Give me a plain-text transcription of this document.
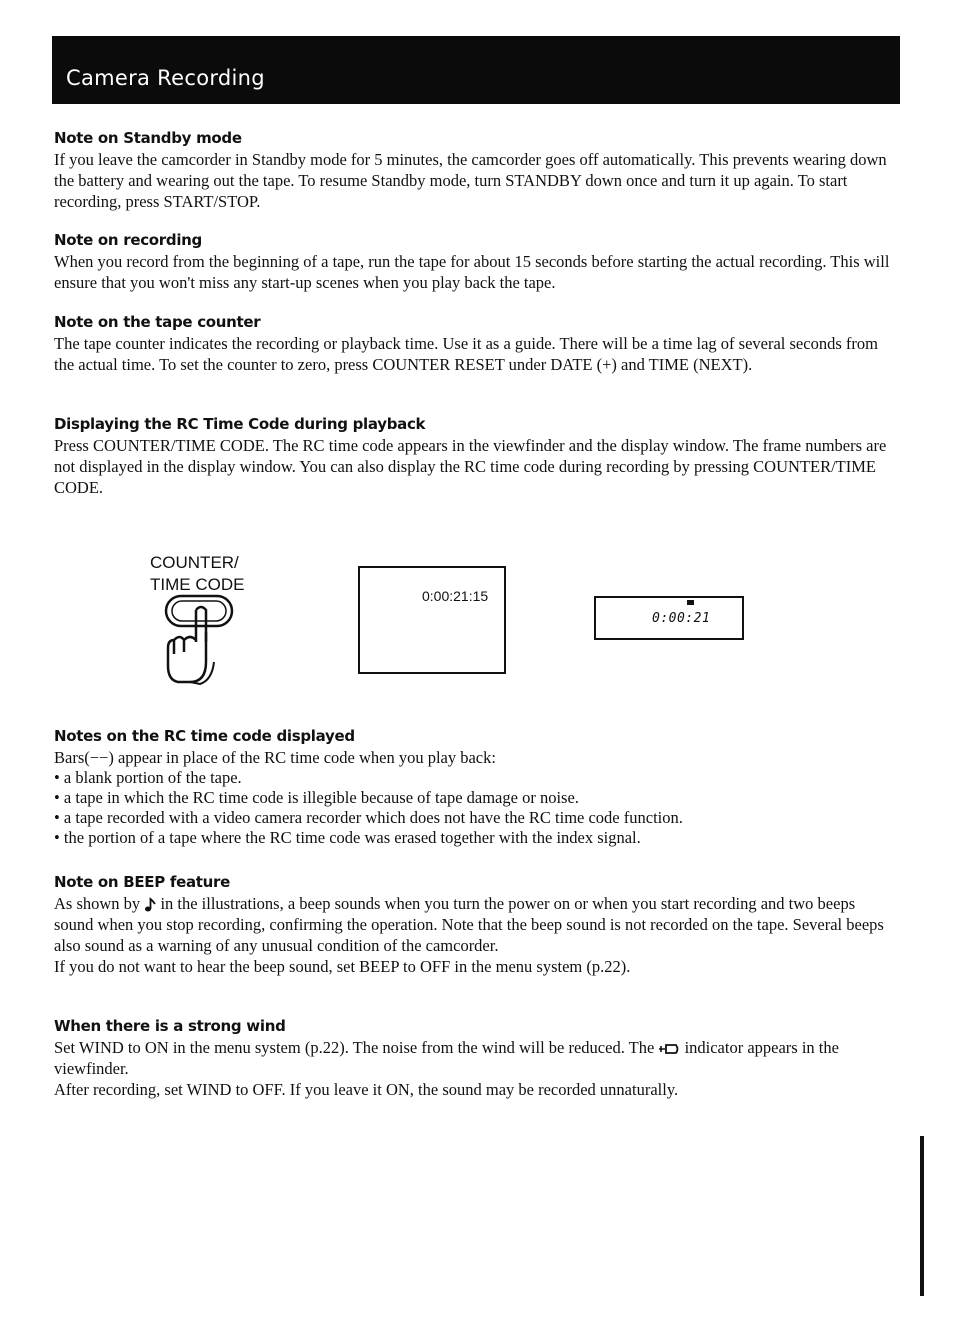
Camera Recording
Note on Standby mode
If you leave the camcorder in Standby mode for 5 minutes, the camcorder goes off automatically. This prevents wearing down the battery and wearing out the tape. To resume Standby mode, turn STANDBY down once and turn it up again. To start recording, press START/STOP.
Note on recording
When you record from the beginning of a tape, run the tape for about 15 seconds before starting the actual recording. This will ensure that you won't miss any start-up scenes when you play back the tape.
Note on the tape counter
The tape counter indicates the recording or playback time. Use it as a guide. There will be a time lag of several seconds from the actual time. To set the counter to zero, press COUNTER RESET under DATE (+) and TIME (NEXT).
Displaying the RC Time Code during playback
Press COUNTER/TIME CODE. The RC time code appears in the viewfinder and the display window. The frame numbers are not displayed in the display window. You can also display the RC time code during recording by pressing COUNTER/TIME CODE.
COUNTER/
TIME CODE
0:00:21:15
0:00:21
Notes on the RC time code displayed
Bars(−−) appear in place of the RC time code when you play back:
• a blank portion of the tape.
• a tape in which the RC time code is illegible because of tape damage or noise.
• a tape recorded with a video camera recorder which does not have the RC time code function.
• the portion of a tape where the RC time code was erased together with the index signal.
Note on BEEP feature
As shown by  in the illustrations, a beep sounds when you turn the power on or when you start recording and two beeps sound when you stop recording, confirming the operation. Note that the beep sound is not recorded on the tape. Several beeps also sound as a warning of any unusual condition of the camcorder.
If you do not want to hear the beep sound, set BEEP to OFF in the menu system (p.22).
When there is a strong wind
Set WIND to ON in the menu system (p.22). The noise from the wind will be reduced. The  indicator appears in the viewfinder.
After recording, set WIND to OFF. If you leave it ON, the sound may be recorded unnaturally.
